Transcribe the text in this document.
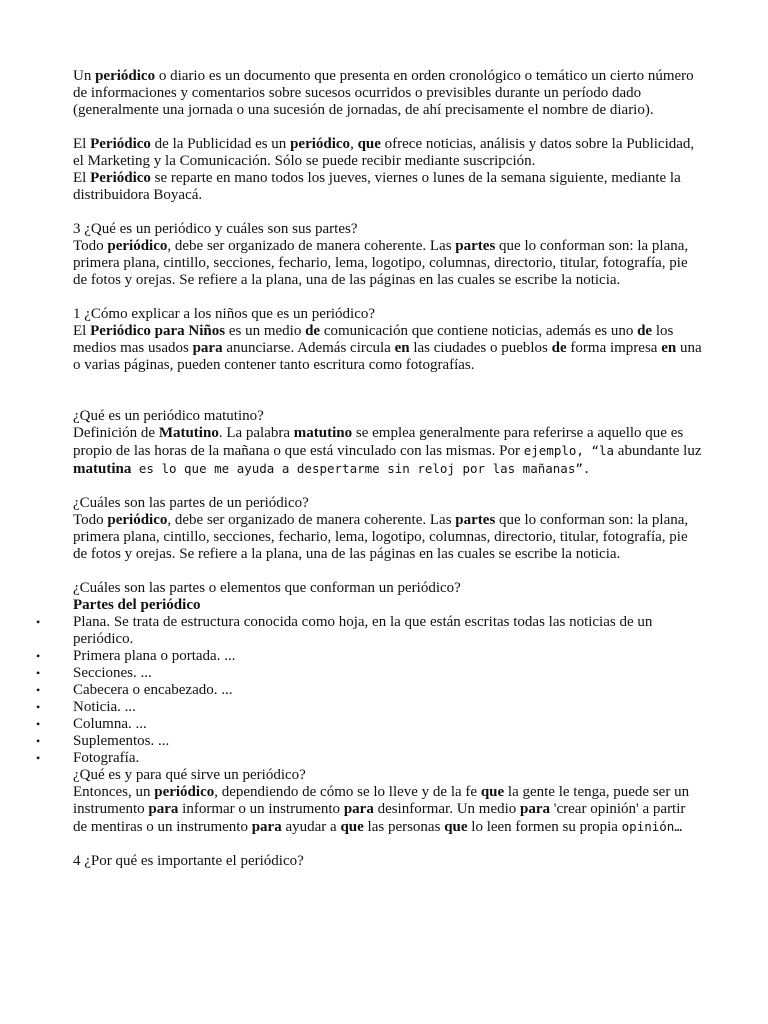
Un periódico o diario es un documento que presenta en orden cronológico o temático un cierto número de informaciones y comentarios sobre sucesos ocurridos o previsibles durante un período dado (generalmente una jornada o una sucesión de jornadas, de ahí precisamente el nombre de diario).
El Periódico de la Publicidad es un periódico, que ofrece noticias, análisis y datos sobre la Publicidad, el Marketing y la Comunicación. Sólo se puede recibir mediante suscripción.
El Periódico se reparte en mano todos los jueves, viernes o lunes de la semana siguiente, mediante la distribuidora Boyacá.
3 ¿Qué es un periódico y cuáles son sus partes?
Todo periódico, debe ser organizado de manera coherente. Las partes que lo conforman son: la plana, primera plana, cintillo, secciones, fechario, lema, logotipo, columnas, directorio, titular, fotografía, pie de fotos y orejas. Se refiere a la plana, una de las páginas en las cuales se escribe la noticia.
1 ¿Cómo explicar a los niños que es un periódico?
El Periódico para Niños es un medio de comunicación que contiene noticias, además es uno de los medios mas usados para anunciarse. Además circula en las ciudades o pueblos de forma impresa en una o varias páginas, pueden contener tanto escritura como fotografías.
¿Qué es un periódico matutino?
Definición de Matutino. La palabra matutino se emplea generalmente para referirse a aquello que es propio de las horas de la mañana o que está vinculado con las mismas. Por ejemplo, “la abundante luz matutina es lo que me ayuda a despertarme sin reloj por las mañanas”.
¿Cuáles son las partes de un periódico?
Todo periódico, debe ser organizado de manera coherente. Las partes que lo conforman son: la plana, primera plana, cintillo, secciones, fechario, lema, logotipo, columnas, directorio, titular, fotografía, pie de fotos y orejas. Se refiere a la plana, una de las páginas en las cuales se escribe la noticia.
¿Cuáles son las partes o elementos que conforman un periódico?
Partes del periódico
• Plana. Se trata de estructura conocida como hoja, en la que están escritas todas las noticias de un periódico.
• Primera plana o portada. ...
• Secciones. ...
• Cabecera o encabezado. ...
• Noticia. ...
• Columna. ...
• Suplementos. ...
• Fotografía.
¿Qué es y para qué sirve un periódico?
Entonces, un periódico, dependiendo de cómo se lo lleve y de la fe que la gente le tenga, puede ser un instrumento para informar o un instrumento para desinformar. Un medio para 'crear opinión' a partir de mentiras o un instrumento para ayudar a que las personas que lo leen formen su propia opinión…
4 ¿Por qué es importante el periódico?
